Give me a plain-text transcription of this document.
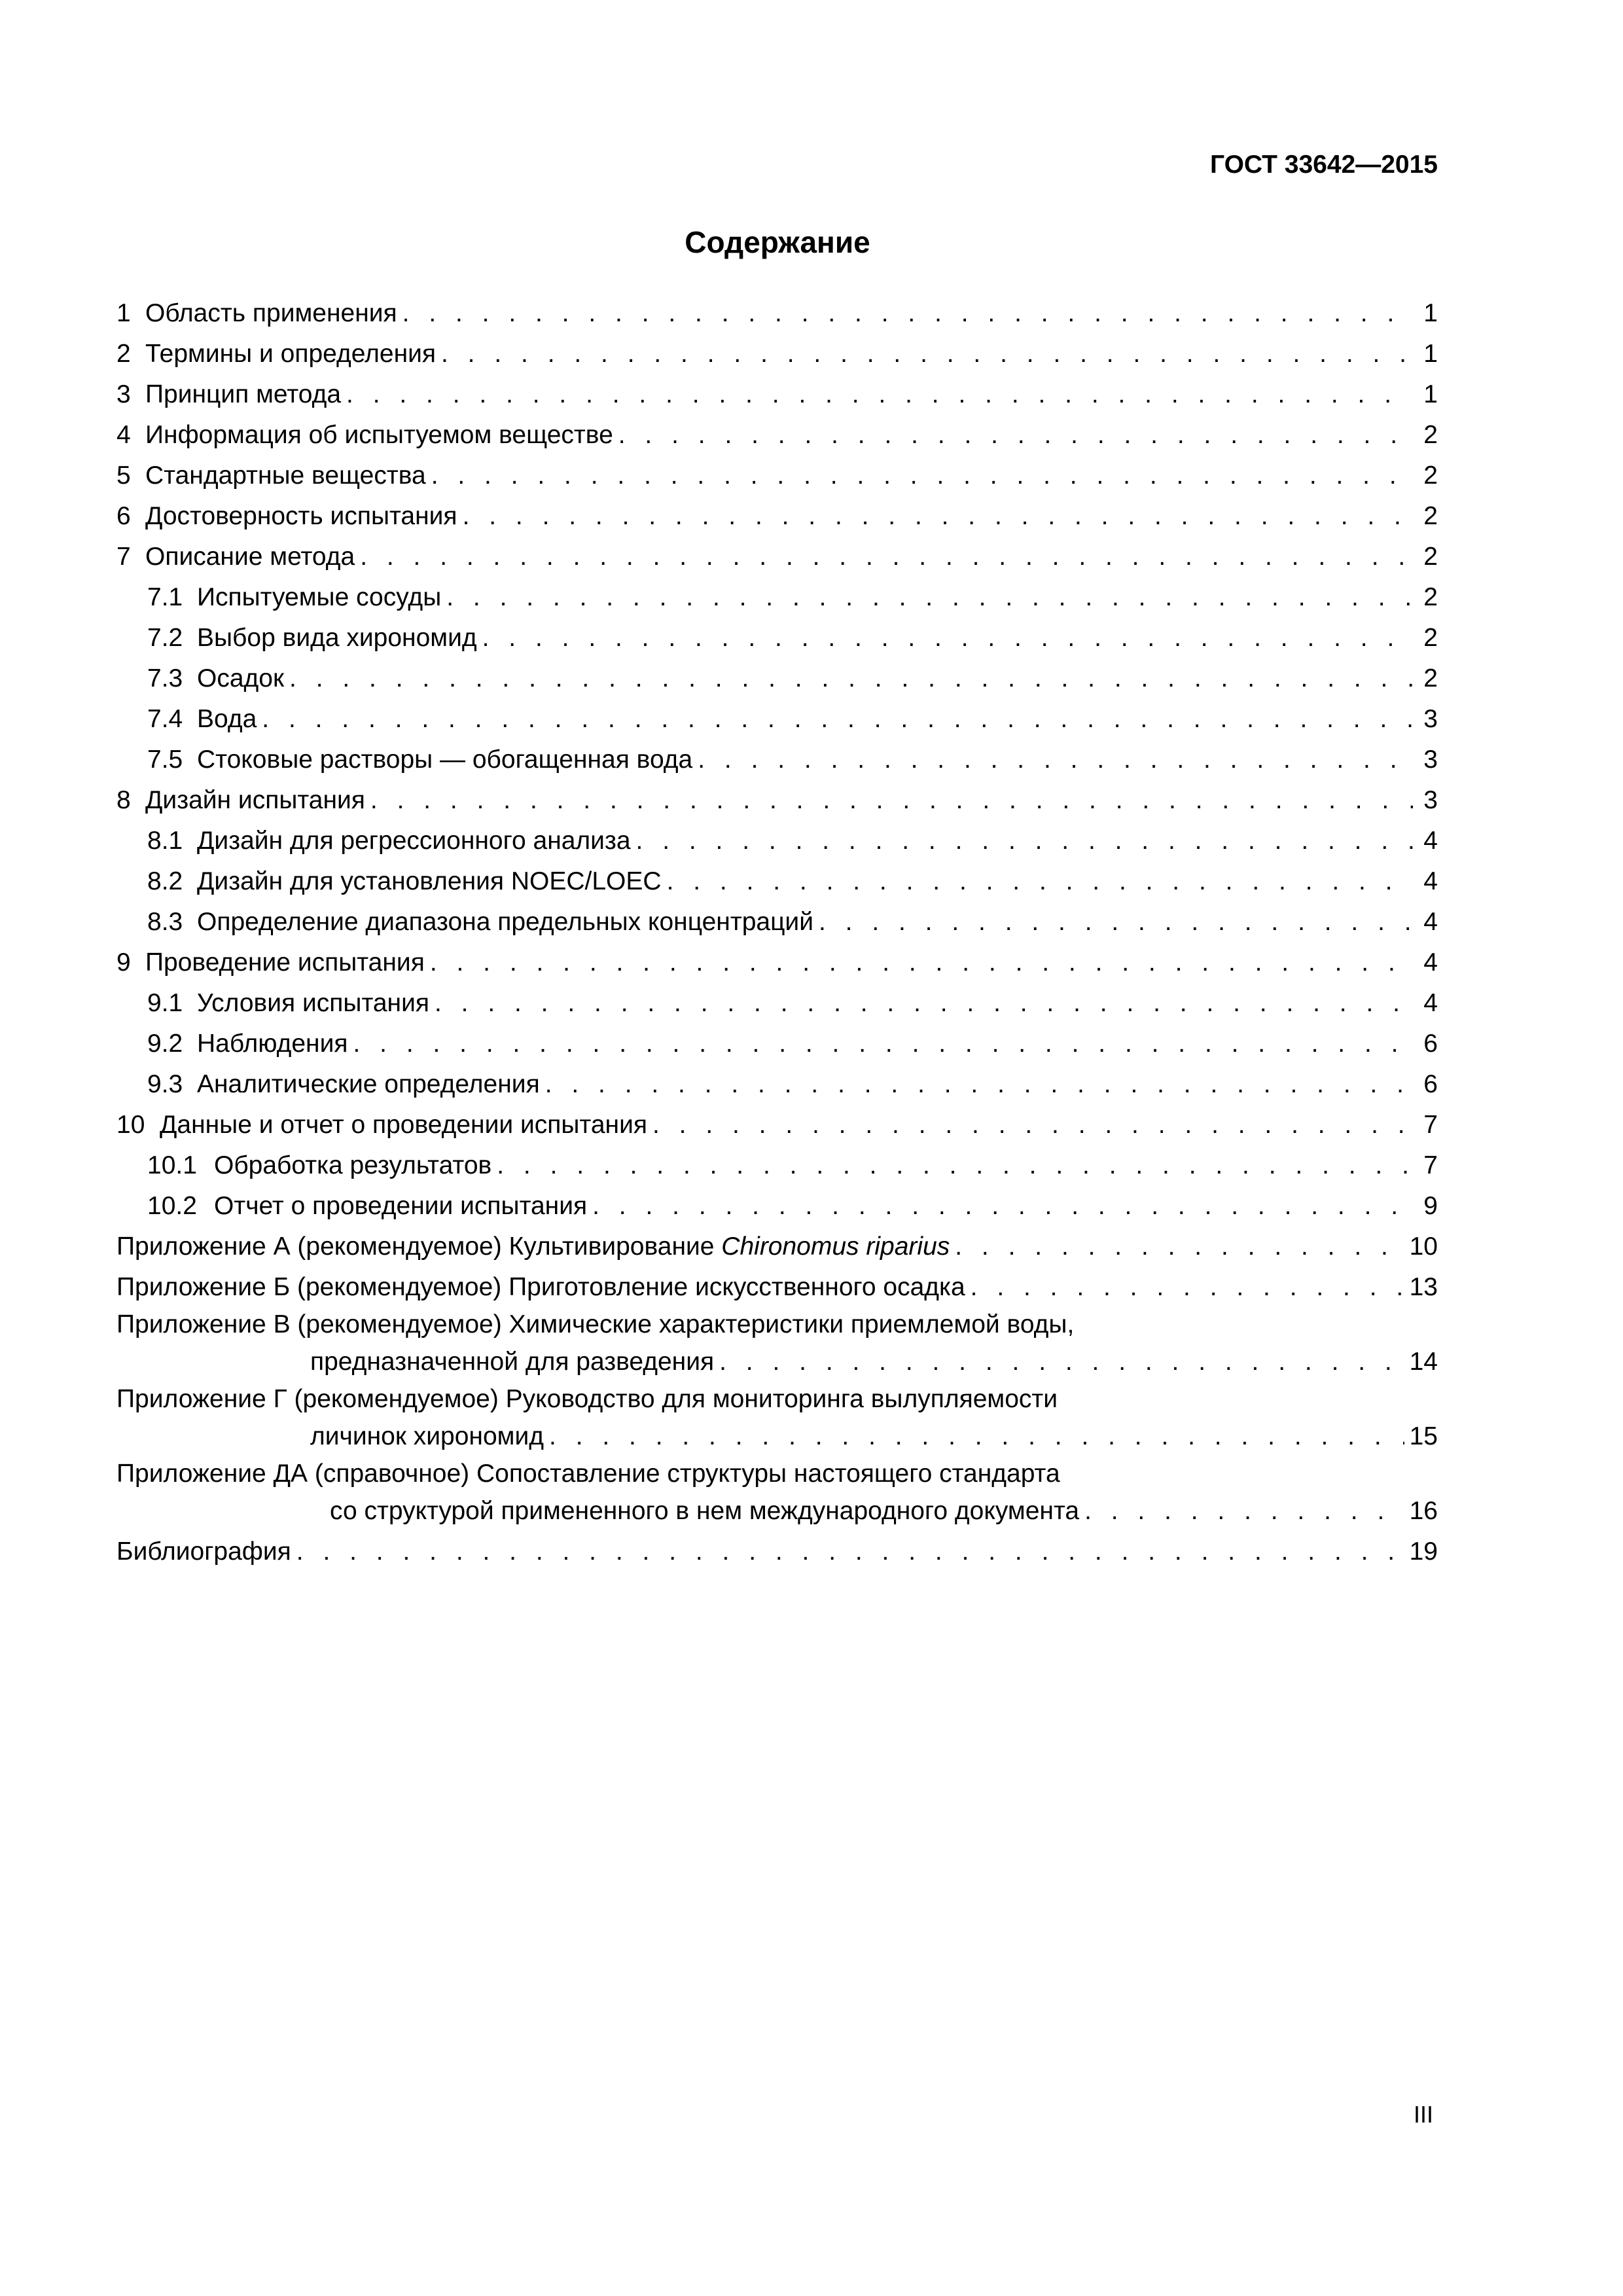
ГОСТ 33642—2015
Содержание
1 Область применения . . .	1
2 Термины и определения . . .	1
3 Принцип метода . . .	1
4 Информация об испытуемом веществе . . .	2
5 Стандартные вещества . . .	2
6 Достоверность испытания . . .	2
7 Описание метода . . .	2
7.1 Испытуемые сосуды . . .	2
7.2 Выбор вида хирономид . . .	2
7.3 Осадок . . .	2
7.4 Вода . . .	3
7.5 Стоковые растворы — обогащенная вода . . .	3
8 Дизайн испытания . . .	3
8.1 Дизайн для регрессионного анализа . . .	4
8.2 Дизайн для установления NOEC/LOEC . . .	4
8.3 Определение диапазона предельных концентраций . . .	4
9 Проведение испытания . . .	4
9.1 Условия испытания . . .	4
9.2 Наблюдения . . .	6
9.3 Аналитические определения . . .	6
10 Данные и отчет о проведении испытания . . .	7
10.1 Обработка результатов . . .	7
10.2 Отчет о проведении испытания . . .	9
Приложение А (рекомендуемое) Культивирование Chironomus riparius . . .	10
Приложение Б (рекомендуемое) Приготовление искусственного осадка . . .	13
Приложение В (рекомендуемое) Химические характеристики приемлемой воды,
предназначенной для разведения . . .	14
Приложение Г (рекомендуемое) Руководство для мониторинга вылупляемости
личинок хирономид . . .	15
Приложение ДА (справочное) Сопоставление структуры настоящего стандарта
со структурой примененного в нем международного документа . . .	16
Библиография . . .	19
III
